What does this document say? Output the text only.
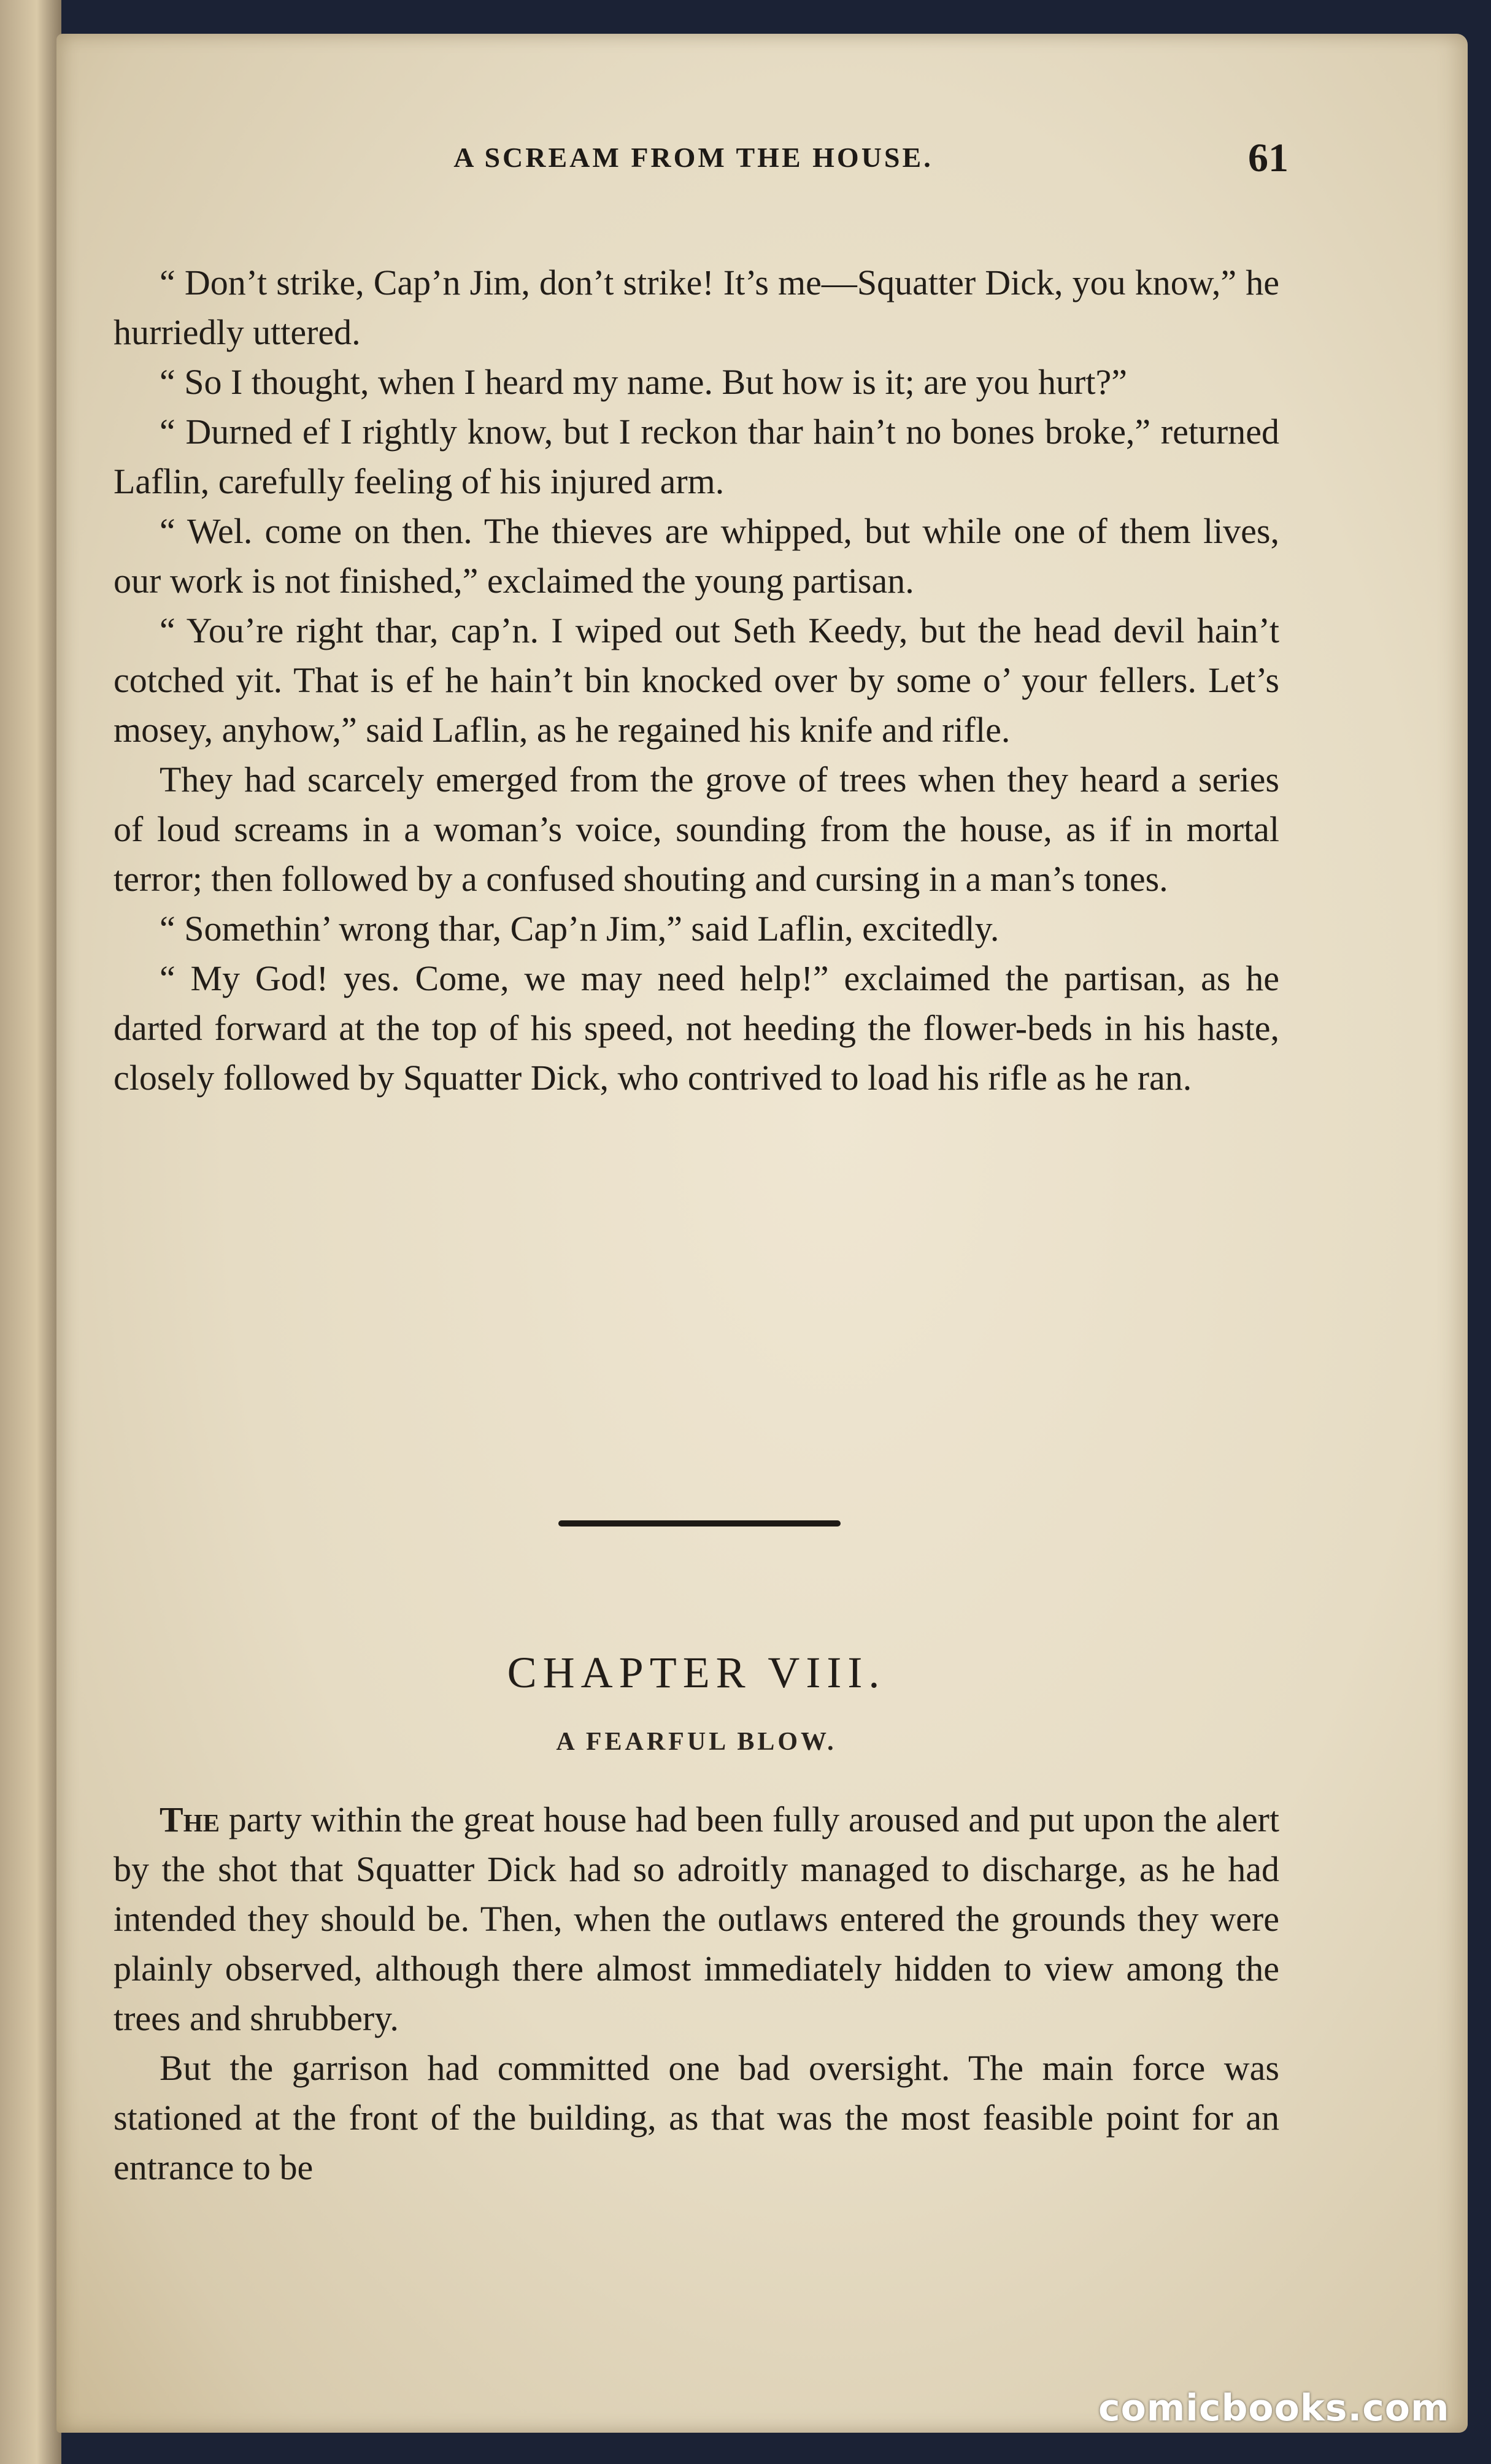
A SCREAM FROM THE HOUSE.	61

“ Don’t strike, Cap’n Jim, don’t strike! It’s me—Squatter Dick, you know,” he hurriedly uttered.

“ So I thought, when I heard my name. But how is it; are you hurt?”

“ Durned ef I rightly know, but I reckon thar hain’t no bones broke,” returned Laflin, carefully feeling of his injured arm.

“ Wel. come on then. The thieves are whipped, but while one of them lives, our work is not finished,” exclaimed the young partisan.

“ You’re right thar, cap’n. I wiped out Seth Keedy, but the head devil hain’t cotched yit. That is ef he hain’t bin knocked over by some o’ your fellers. Let’s mosey, anyhow,” said Laflin, as he regained his knife and rifle.

They had scarcely emerged from the grove of trees when they heard a series of loud screams in a woman’s voice, sounding from the house, as if in mortal terror; then followed by a confused shouting and cursing in a man’s tones.

“ Somethin’ wrong thar, Cap’n Jim,” said Laflin, excitedly.

“ My God! yes. Come, we may need help!” exclaimed the partisan, as he darted forward at the top of his speed, not heeding the flower-beds in his haste, closely followed by Squatter Dick, who contrived to load his rifle as he ran.

CHAPTER VIII.
A FEARFUL BLOW.

The party within the great house had been fully aroused and put upon the alert by the shot that Squatter Dick had so adroitly managed to discharge, as he had intended they should be. Then, when the outlaws entered the grounds they were plainly observed, although there almost immediately hidden to view among the trees and shrubbery.

But the garrison had committed one bad oversight. The main force was stationed at the front of the building, as that was the most feasible point for an entrance to be

comicbooks.com
